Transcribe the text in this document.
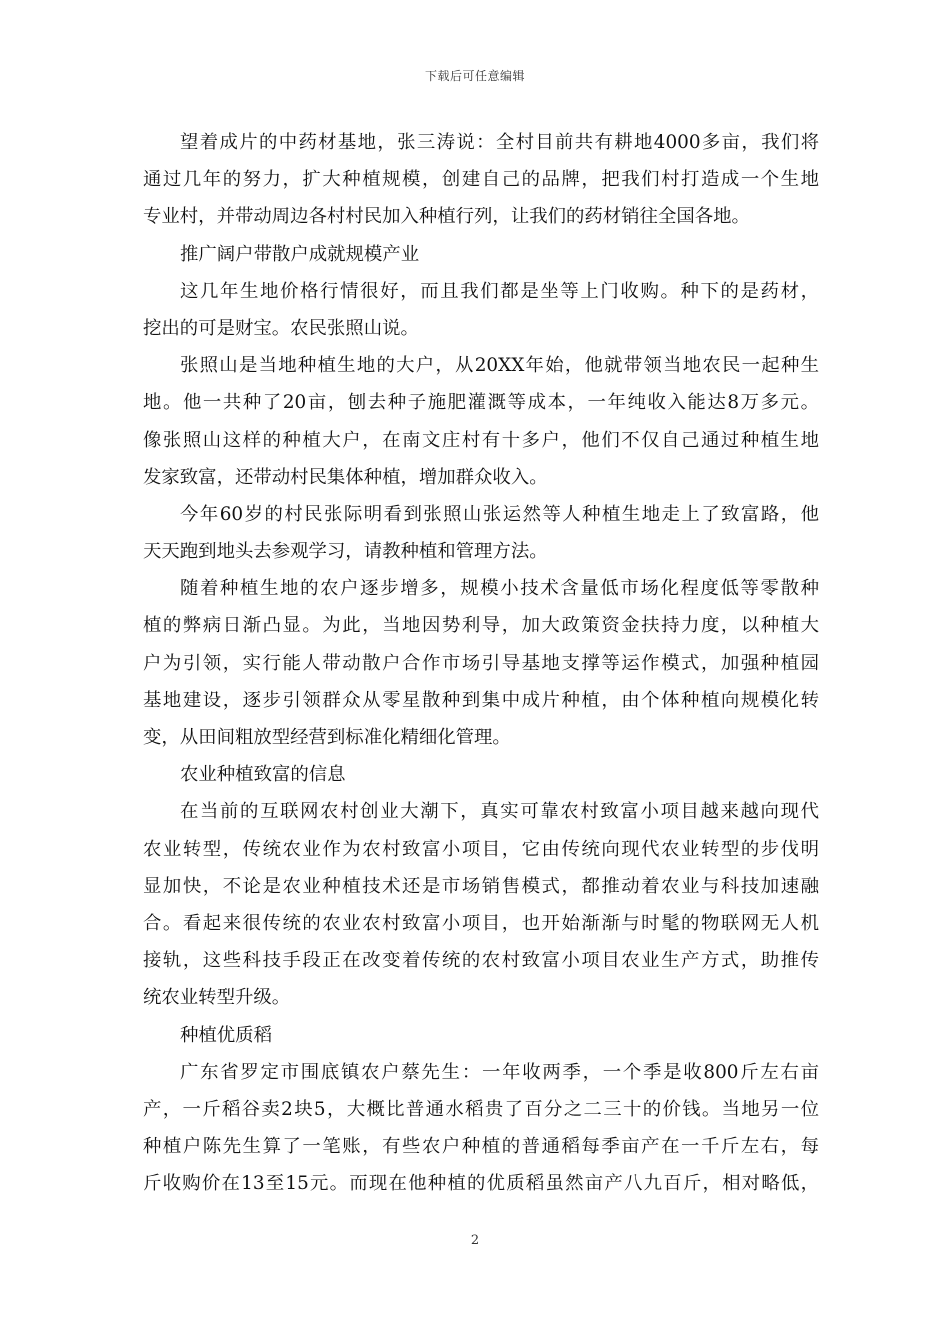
下载后可任意编辑
望着成片的中药材基地，张三涛说：全村目前共有耕地4000多亩，我们将
通过几年的努力，扩大种植规模，创建自己的品牌，把我们村打造成一个生地
专业村，并带动周边各村村民加入种植行列，让我们的药材销往全国各地。
推广阔户带散户成就规模产业
这几年生地价格行情很好，而且我们都是坐等上门收购。种下的是药材，
挖出的可是财宝。农民张照山说。
张照山是当地种植生地的大户，从20XX年始，他就带领当地农民一起种生
地。他一共种了20亩，刨去种子施肥灌溉等成本，一年纯收入能达8万多元。
像张照山这样的种植大户，在南文庄村有十多户，他们不仅自己通过种植生地
发家致富，还带动村民集体种植，增加群众收入。
今年60岁的村民张际明看到张照山张运然等人种植生地走上了致富路，他
天天跑到地头去参观学习，请教种植和管理方法。
随着种植生地的农户逐步增多，规模小技术含量低市场化程度低等零散种
植的弊病日渐凸显。为此，当地因势利导，加大政策资金扶持力度，以种植大
户为引领，实行能人带动散户合作市场引导基地支撑等运作模式，加强种植园
基地建设，逐步引领群众从零星散种到集中成片种植，由个体种植向规模化转
变，从田间粗放型经营到标准化精细化管理。
农业种植致富的信息
在当前的互联网农村创业大潮下，真实可靠农村致富小项目越来越向现代
农业转型，传统农业作为农村致富小项目，它由传统向现代农业转型的步伐明
显加快，不论是农业种植技术还是市场销售模式，都推动着农业与科技加速融
合。看起来很传统的农业农村致富小项目，也开始渐渐与时髦的物联网无人机
接轨，这些科技手段正在改变着传统的农村致富小项目农业生产方式，助推传
统农业转型升级。
种植优质稻
广东省罗定市围底镇农户蔡先生：一年收两季，一个季是收800斤左右亩
产，一斤稻谷卖2块5，大概比普通水稻贵了百分之二三十的价钱。当地另一位
种植户陈先生算了一笔账，有些农户种植的普通稻每季亩产在一千斤左右，每
斤收购价在13至15元。而现在他种植的优质稻虽然亩产八九百斤，相对略低，
2
